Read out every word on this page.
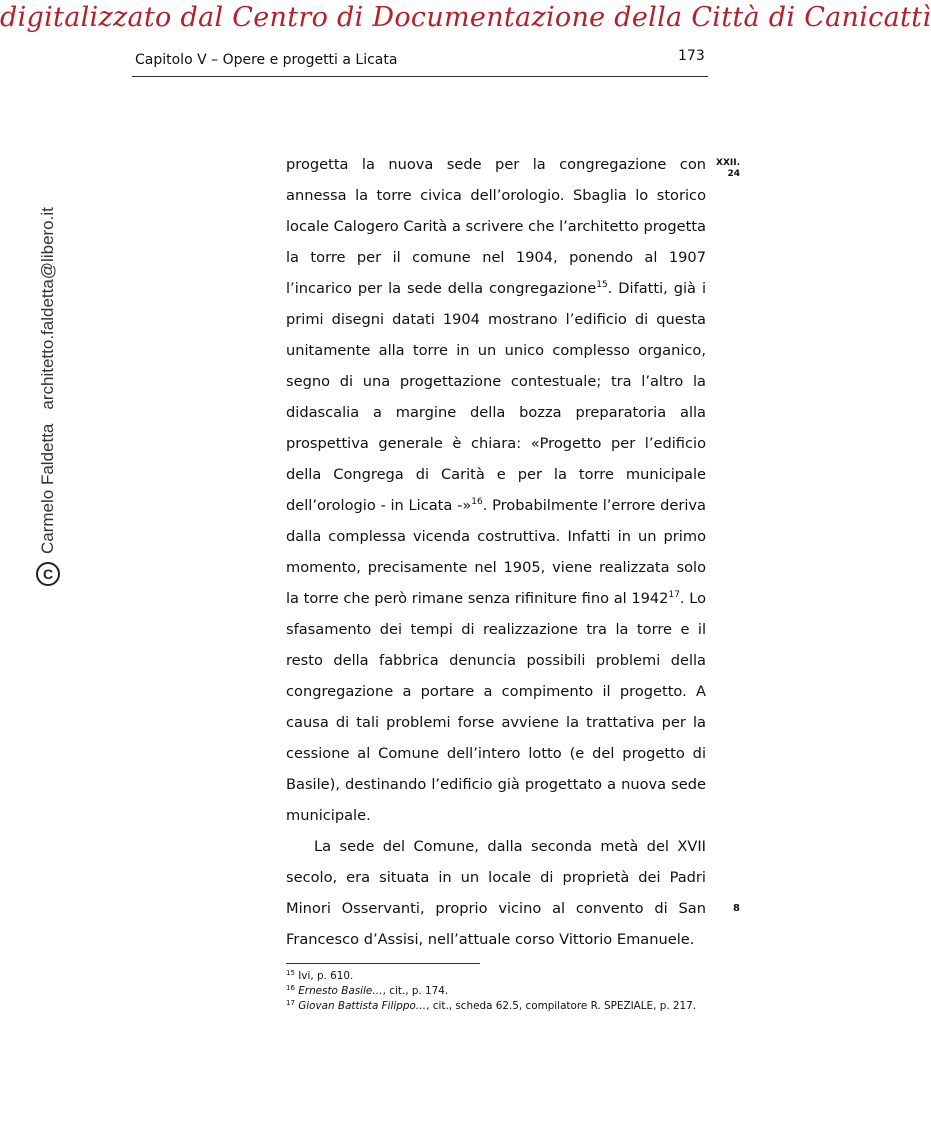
digitalizzato dal Centro di Documentazione della Città di Canicattì
Capitolo V – Opere e progetti a Licata	173
C
Carmelo Faldetta
architetto.faldetta@libero.it
XXII.
24
8

progetta la nuova sede per la congregazione con annessa la torre civica dell’orologio. Sbaglia lo storico locale Calogero Carità a scrivere che l’architetto progetta la torre per il comune nel 1904, ponendo al 1907 l’incarico per la sede della congregazione$^{15}$. Difatti, già i primi disegni datati 1904 mostrano l’edificio di questa unitamente alla torre in un unico complesso organico, segno di una progettazione contestuale; tra l’altro la didascalia a margine della bozza preparatoria alla prospettiva generale è chiara: «Progetto per l’edificio della Congrega di Carità e per la torre municipale dell’orologio - in Licata -»$^{16}$. Probabilmente l’errore deriva dalla complessa vicenda costruttiva. Infatti in un primo momento, precisamente nel 1905, viene realizzata solo la torre che però rimane senza rifiniture fino al 1942$^{17}$. Lo sfasamento dei tempi di realizzazione tra la torre e il resto della fabbrica denuncia possibili problemi della congregazione a portare a compimento il progetto. A causa di tali problemi forse avviene la trattativa per la cessione al Comune dell’intero lotto (e del progetto di Basile), destinando l’edificio già progettato a nuova sede municipale.

La sede del Comune, dalla seconda metà del XVII secolo, era situata in un locale di proprietà dei Padri Minori Osservanti, proprio vicino al convento di San Francesco d’Assisi, nell’attuale corso Vittorio Emanuele.

$^{15}$ Ivi, p. 610.

$^{16}$ Ernesto Basile…, cit., p. 174.

$^{17}$ Giovan Battista Filippo…, cit., scheda 62.5, compilatore R. SPEZIALE, p. 217.
